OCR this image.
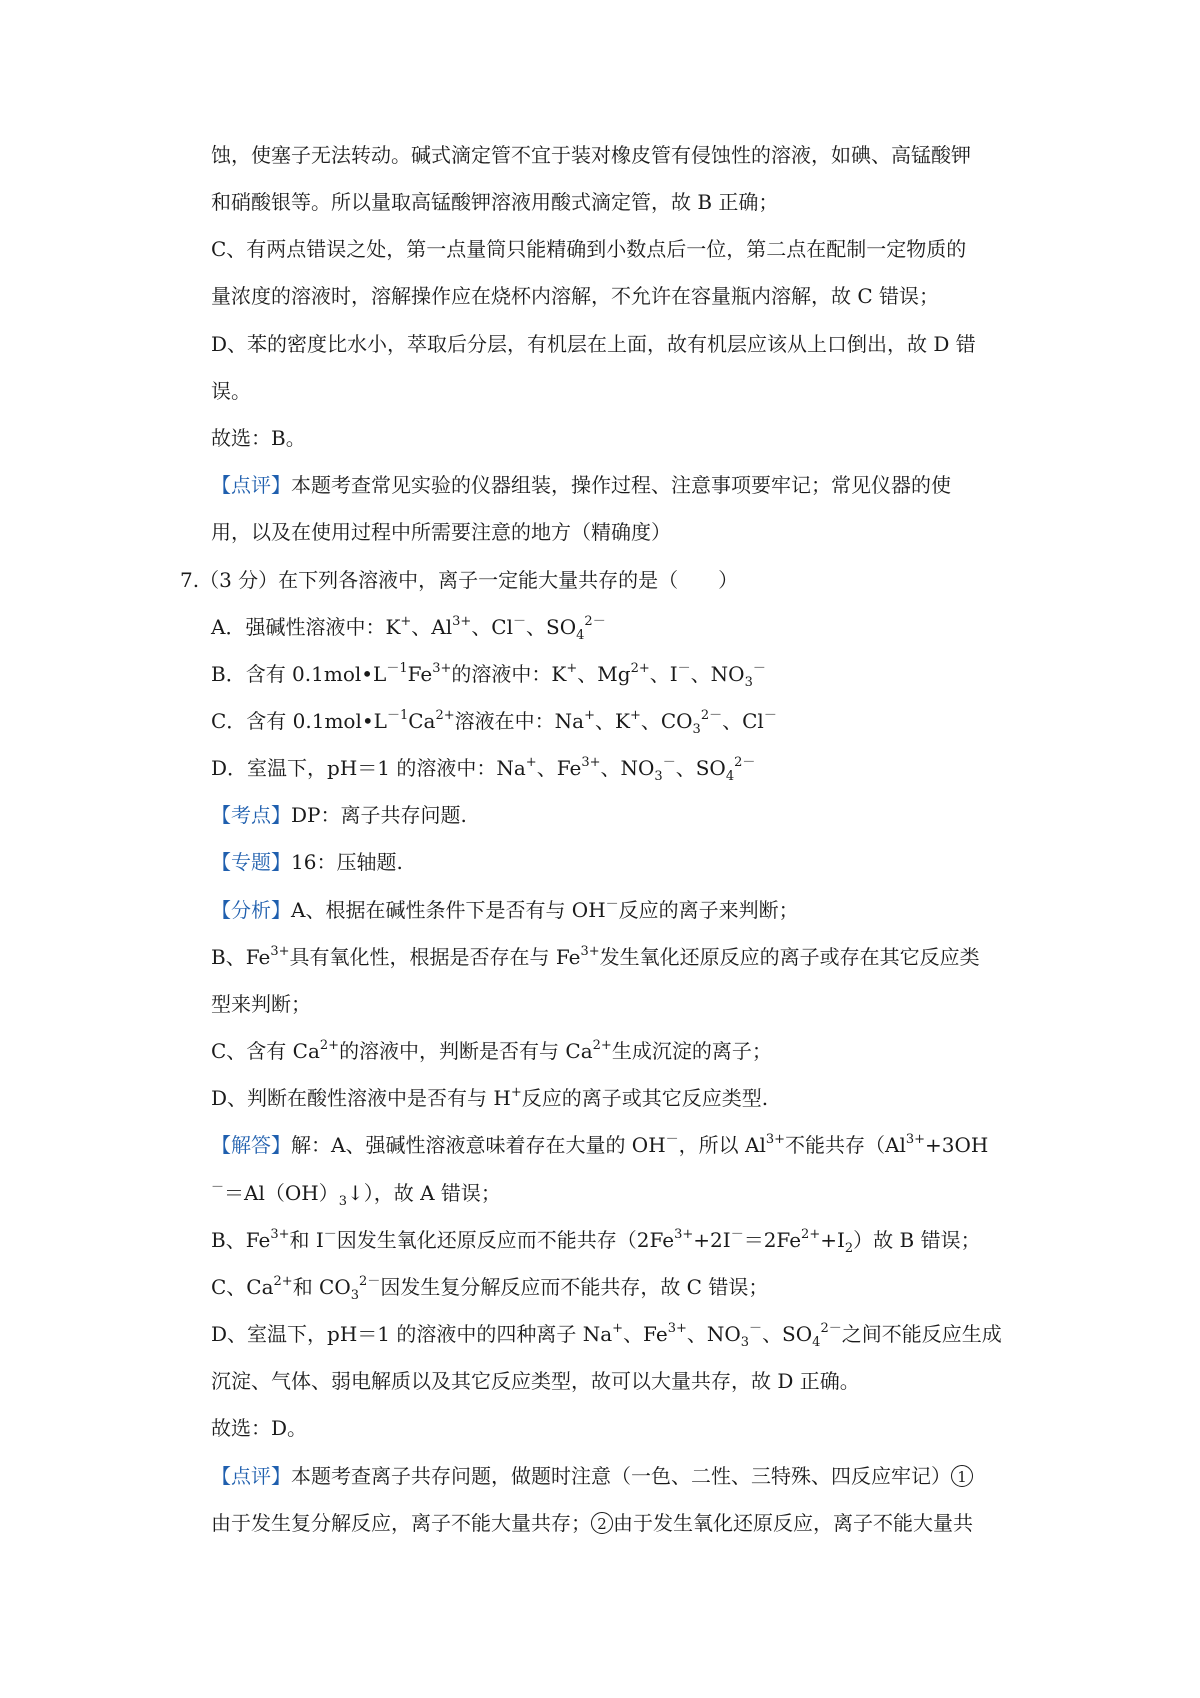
蚀，使塞子无法转动。碱式滴定管不宜于装对橡皮管有侵蚀性的溶液，如碘、高锰酸钾
和硝酸银等。所以量取高锰酸钾溶液用酸式滴定管，故 B 正确；
C、有两点错误之处，第一点量筒只能精确到小数点后一位，第二点在配制一定物质的
量浓度的溶液时，溶解操作应在烧杯内溶解，不允许在容量瓶内溶解，故 C 错误；
D、苯的密度比水小，萃取后分层，有机层在上面，故有机层应该从上口倒出，故 D 错
误。
故选：B。
【点评】本题考查常见实验的仪器组装，操作过程、注意事项要牢记；常见仪器的使
用，以及在使用过程中所需要注意的地方（精确度）
7.（3 分）在下列各溶液中，离子一定能大量共存的是（　　）
A．强碱性溶液中：K+、$Al^{3+}$、Cl－、$SO_4^{2-}$
B．含有 $0.1mol•L^{-1}Fe^{3+}$的溶液中：K+、$Mg^{2+}$、I－、$NO_3^-$
C．含有 $0.1mol•L^{-1}Ca^{2+}$溶液在中：Na+、K+、$CO_3^{2-}$、Cl－
D．室温下，pH＝1 的溶液中：Na+、$Fe^{3+}$、$NO_3^-$、$SO_4^{2-}$
【考点】DP：离子共存问题.
【专题】16：压轴题.
【分析】A、根据在碱性条件下是否有与 OH－反应的离子来判断；
B、$Fe^{3+}$具有氧化性，根据是否存在与 $Fe^{3+}$发生氧化还原反应的离子或存在其它反应类
型来判断；
C、含有 $Ca^{2+}$的溶液中，判断是否有与 $Ca^{2+}$生成沉淀的离子；
D、判断在酸性溶液中是否有与 H+反应的离子或其它反应类型.
【解答】解：A、强碱性溶液意味着存在大量的 OH－，所以 $Al^{3+}$不能共存（$Al^{3+}+3OH$
$^-=Al(OH)_3↓$），故 A 错误；
B、$Fe^{3+}$和 I－因发生氧化还原反应而不能共存$(2Fe^{3+}+2I^-=2Fe^{2+}+I_2)$故 B 错误；
C、$Ca^{2+}$和 $CO_3^{2-}$因发生复分解反应而不能共存，故 C 错误；
D、室温下，pH＝1 的溶液中的四种离子 Na+、$Fe^{3+}$、$NO_3^-$、$SO_4^{2-}$之间不能反应生成
沉淀、气体、弱电解质以及其它反应类型，故可以大量共存，故 D 正确。
故选：D。
【点评】本题考查离子共存问题，做题时注意（一色、二性、三特殊、四反应牢记） 1
由于发生复分解反应，离子不能大量共存； 2 由于发生氧化还原反应，离子不能大量共
